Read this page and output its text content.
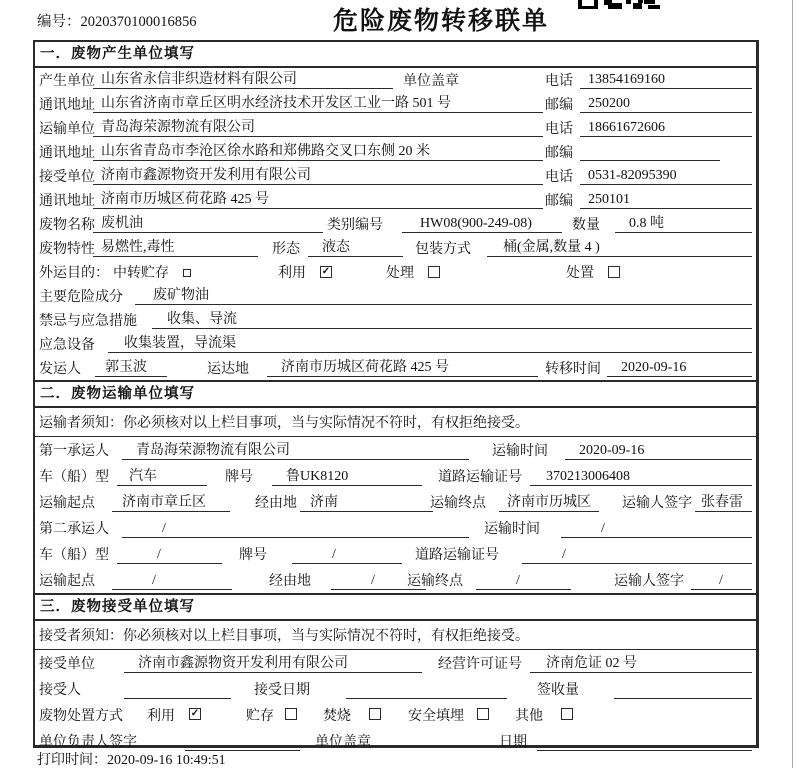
编号：2020370100016856	危险废物转移联单
一．废物产生单位填写
产生单位 山东省永信非织造材料有限公司	单位盖章	电话	13854169160
通讯地址 山东省济南市章丘区明水经济技术开发区工业一路 501 号	邮编	250200
运输单位 青岛海荣源物流有限公司	电话	18661672606
通讯地址 山东省青岛市李沧区徐水路和郑佛路交叉口东侧 20 米	邮编
接受单位 济南市鑫源物资开发利用有限公司	电话	0531-82095390
通讯地址 济南市历城区荷花路 425 号	邮编	250101
废物名称 废机油	类别编号	HW08(900-249-08)	数量	0.8 吨
废物特性 易燃性,毒性	形态	液态	包装方式	桶(金属,数量 4 )
外运目的： 中转贮存	利用 ✓	处理	处置
主要危险成分	废矿物油
禁忌与应急措施	收集、导流
应急设备	收集装置，导流渠
发运人	郭玉波	运达地	济南市历城区荷花路 425 号	转移时间	2020-09-16
二．废物运输单位填写
运输者须知：你必须核对以上栏目事项，当与实际情况不符时，有权拒绝接受。
第一承运人	青岛海荣源物流有限公司	运输时间	2020-09-16
车（船）型	汽车	牌号	鲁UK8120	道路运输证号	370213006408
运输起点	济南市章丘区	经由地 济南	运输终点	济南市历城区	运输人签字 张春雷
第二承运人	/	运输时间	/
车（船）型	/	牌号	/	道路运输证号	/
运输起点	/	经由地	/	运输终点	/	运输人签字	/
三．废物接受单位填写
接受者须知：你必须核对以上栏目事项，当与实际情况不符时，有权拒绝接受。
接受单位	济南市鑫源物资开发利用有限公司	经营许可证号	济南危证 02 号
接受人	接受日期	签收量
废物处置方式 利用 ✓	贮存	焚烧	安全填埋	其他
单位负责人签字	单位盖章	日期
打印时间：2020-09-16 10:49:51
